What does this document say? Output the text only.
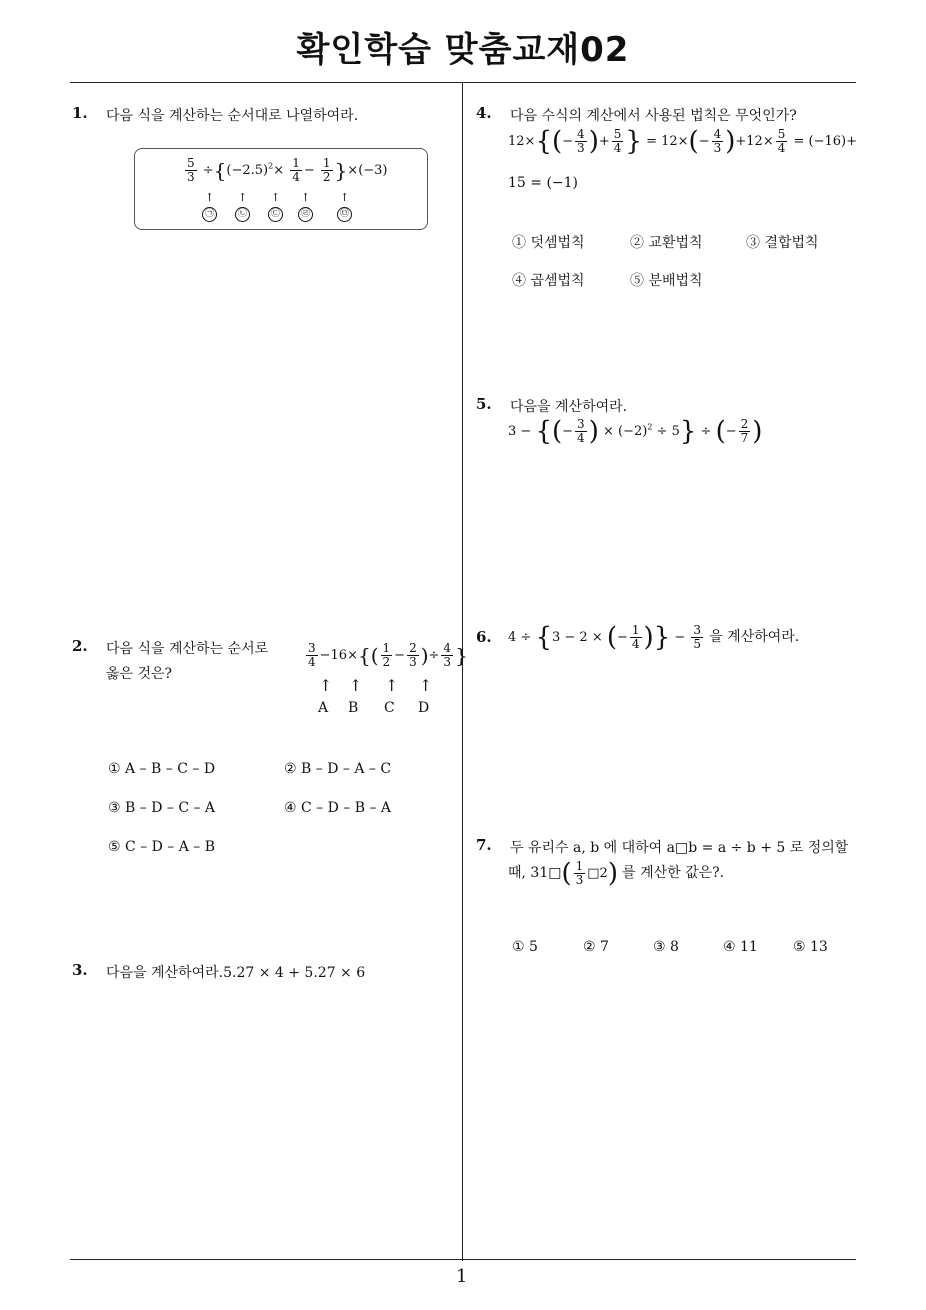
확인학습 맞춤교재02
1
1. 다음 식을 계산하는 순서대로 나열하여라.
$\frac{5}{3} \div\{(-2.5)^2\times \frac{1}{4} - \frac{1}{2} \}\times(-3)$
↑ ↑ ↑ ↑	↑
㉠	㉡	㉢	㉣	㉤
2. 다음 식을 계산하는 순서로
옳은 것은?
$\frac{3}{4} -16\times\{( \frac{1}{2} - \frac{2}{3}$ )÷ $\frac{4}{3}$ }
↑ ↑ ↑ ↑
A B C D
① A – B – C – D	② B – D – A – C
③ B – D – C – A	④ C – D – B – A
⑤ C – D – A – B
3. 다음을 계산하여라.5.27 × 4 + 5.27 × 6
4. 다음 수식의 계산에서 사용된 법칙은 무엇인가?
$12\times\{(- \frac{4}{3}$ )+ $\frac{5}{4}$ } = $12\times(- \frac{4}{3} )+12\times \frac{5}{4} = (-16)+$
15 = (−1)
① 덧셈법칙	② 교환법칙	③ 결합법칙
④ 곱셈법칙	⑤ 분배법칙
5. 다음을 계산하여라.
3 − {(− $\frac{3}{4}$ ) × $(-2)^2 \div 5$} ÷ (− $\frac{2}{7}$ )
6. 4 ÷ {3 − 2 × (− $\frac{1}{4}$ )} − $\frac{3}{5}$ 을 계산하여라.
7. 두 유리수 a, b 에 대하여 a□b = a ÷ b + 5 로 정의할
때, 31□( $\frac{1}{3}$ □2) 를 계산한 값은?.
① 5	② 7	③ 8	④ 11	⑤ 13
